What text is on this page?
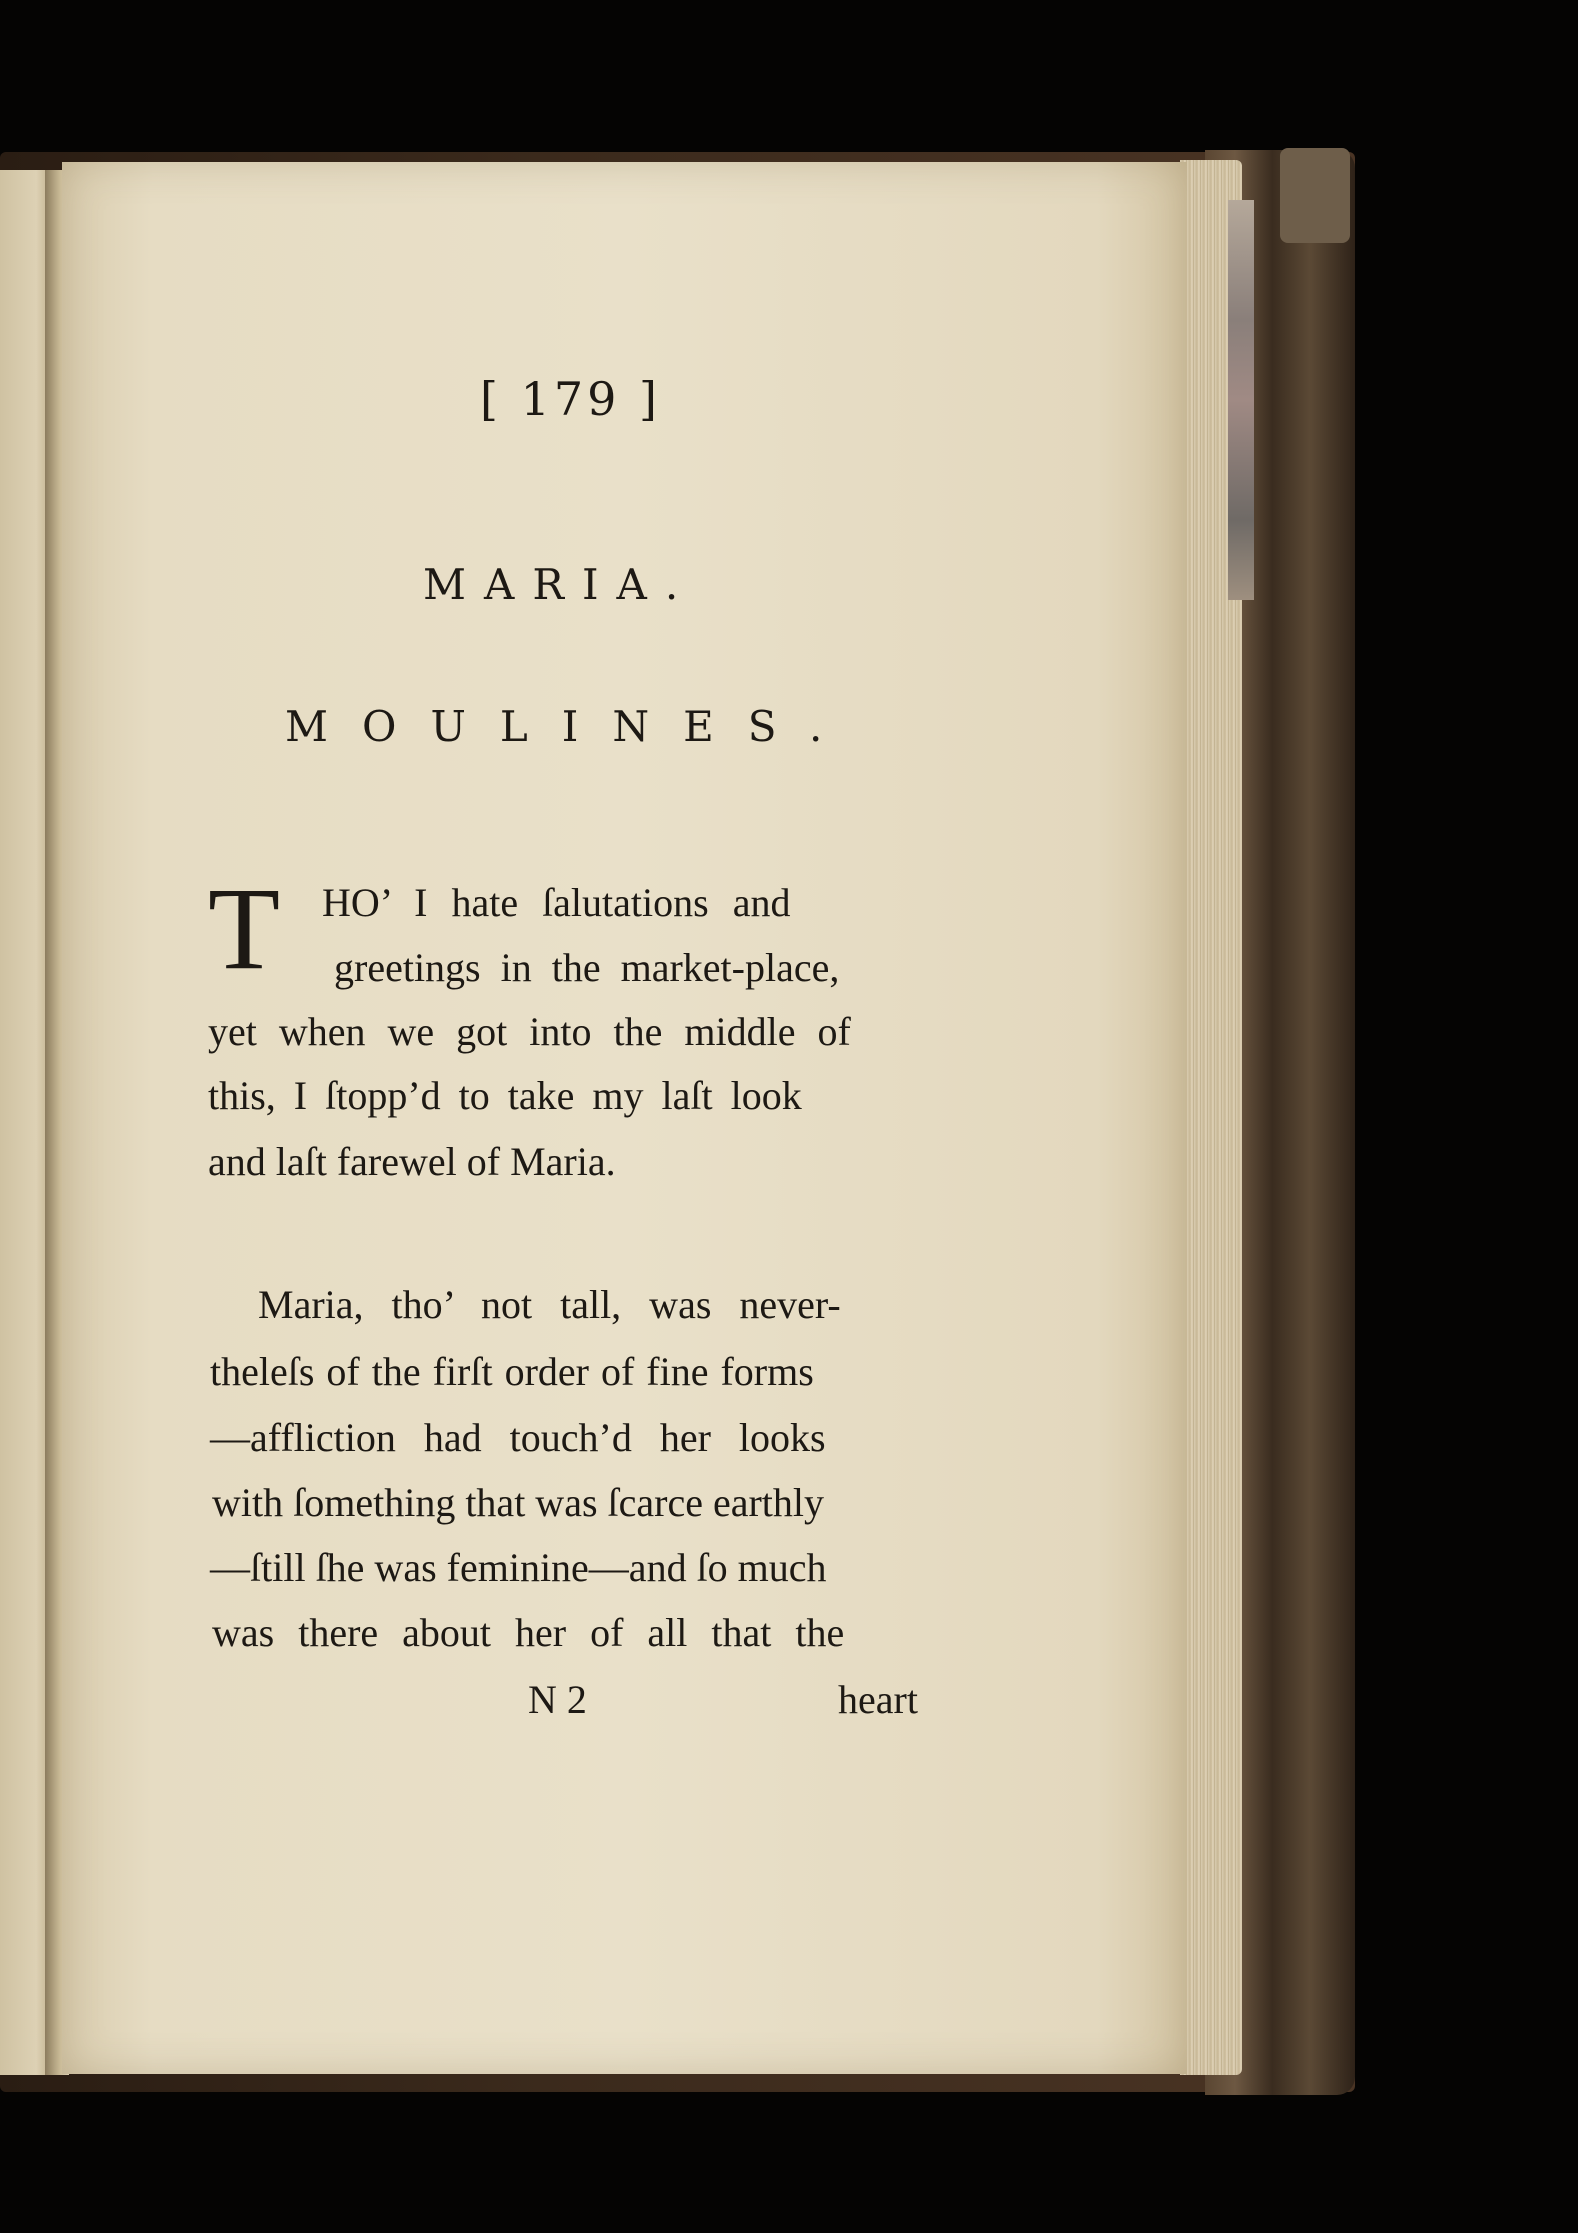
[ 179 ]
MARIA.
MOULINES.
T HO’ I hate ſalutations and
greetings in the market-place,
yet when we got into the middle of
this, I ſtopp’d to take my laſt look
and laſt farewel of Maria.
Maria, tho’ not tall, was never-
theleſs of the firſt order of fine forms
—affliction had touch’d her looks
with ſomething that was ſcarce earthly
—ſtill ſhe was feminine—and ſo much
was there about her of all that the
N 2	heart
